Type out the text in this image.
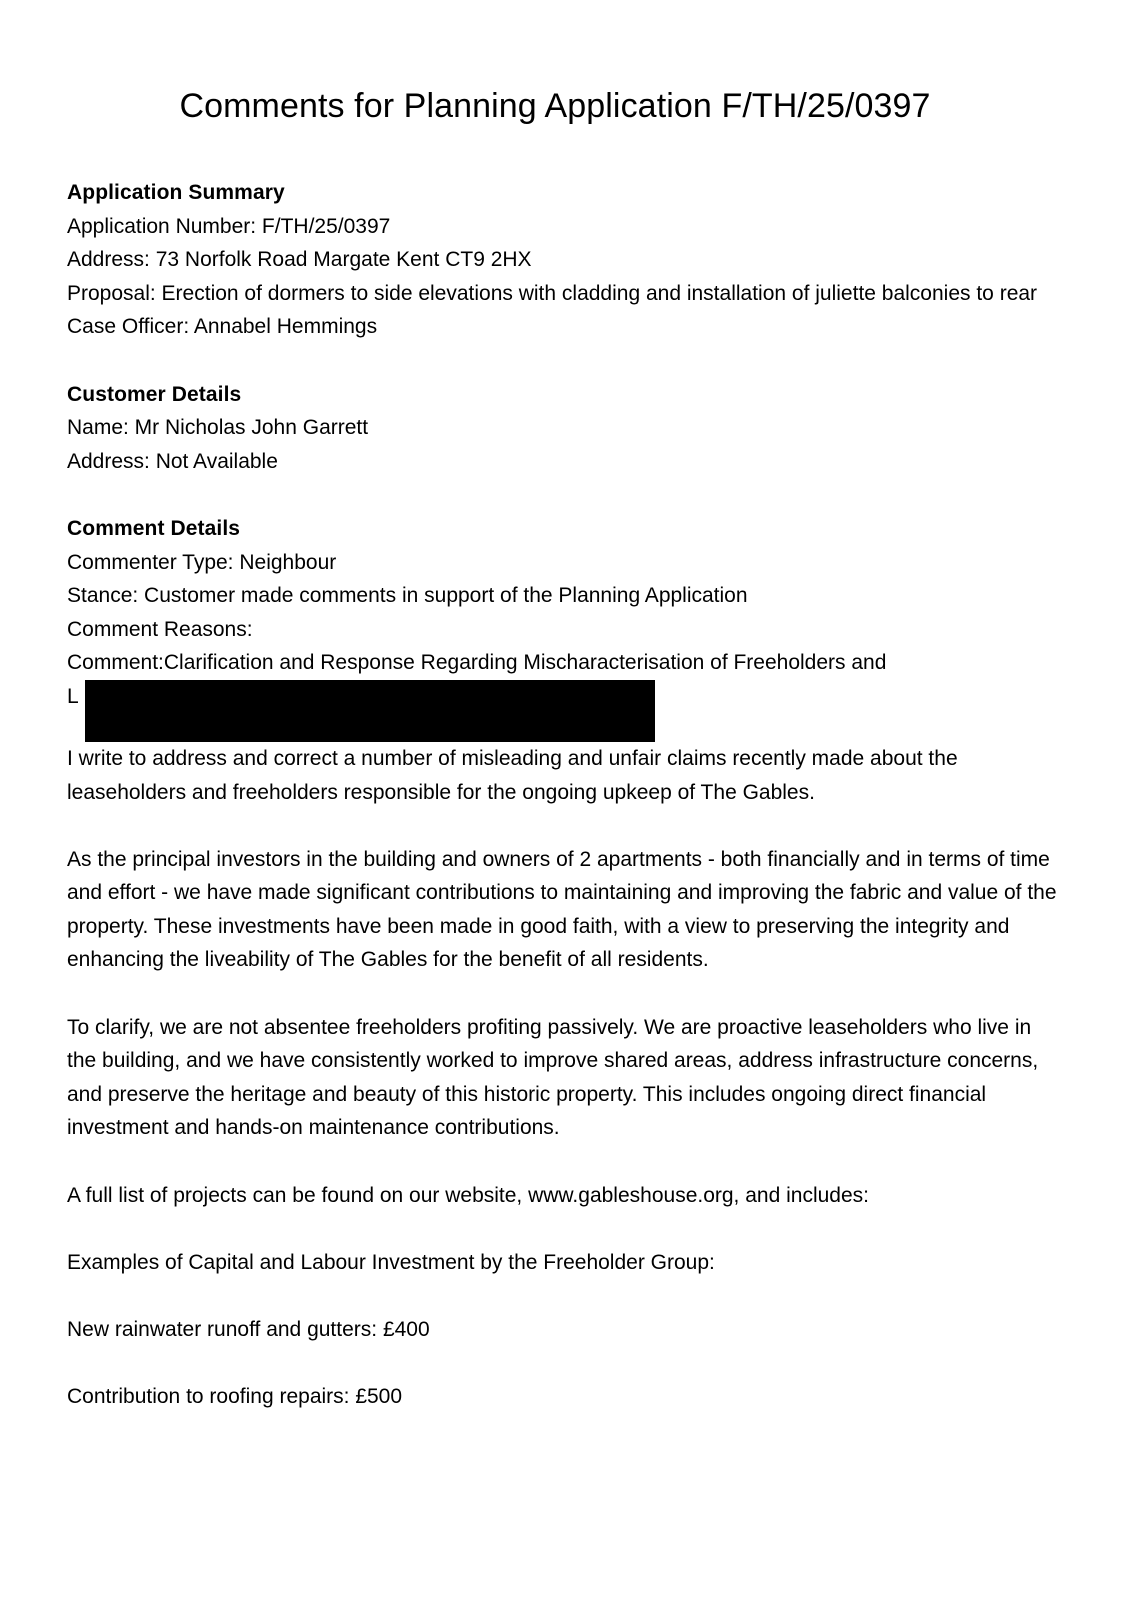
Comments for Planning Application F/TH/25/0397

Application Summary

Application Number: F/TH/25/0397

Address: 73 Norfolk Road Margate Kent CT9 2HX

Proposal: Erection of dormers to side elevations with cladding and installation of juliette balconies to rear

Case Officer: Annabel Hemmings

Customer Details

Name: Mr Nicholas John Garrett

Address: Not Available

Comment Details

Commenter Type: Neighbour

Stance: Customer made comments in support of the Planning Application

Comment Reasons:

Comment:Clarification and Response Regarding Mischaracterisation of Freeholders and

L

I write to address and correct a number of misleading and unfair claims recently made about the leaseholders and freeholders responsible for the ongoing upkeep of The Gables.

As the principal investors in the building and owners of 2 apartments - both financially and in terms of time and effort - we have made significant contributions to maintaining and improving the fabric and value of the property. These investments have been made in good faith, with a view to preserving the integrity and enhancing the liveability of The Gables for the benefit of all residents.

To clarify, we are not absentee freeholders profiting passively. We are proactive leaseholders who live in the building, and we have consistently worked to improve shared areas, address infrastructure concerns, and preserve the heritage and beauty of this historic property. This includes ongoing direct financial investment and hands-on maintenance contributions.

A full list of projects can be found on our website, www.gableshouse.org, and includes:

Examples of Capital and Labour Investment by the Freeholder Group:

New rainwater runoff and gutters: £400

Contribution to roofing repairs: £500
